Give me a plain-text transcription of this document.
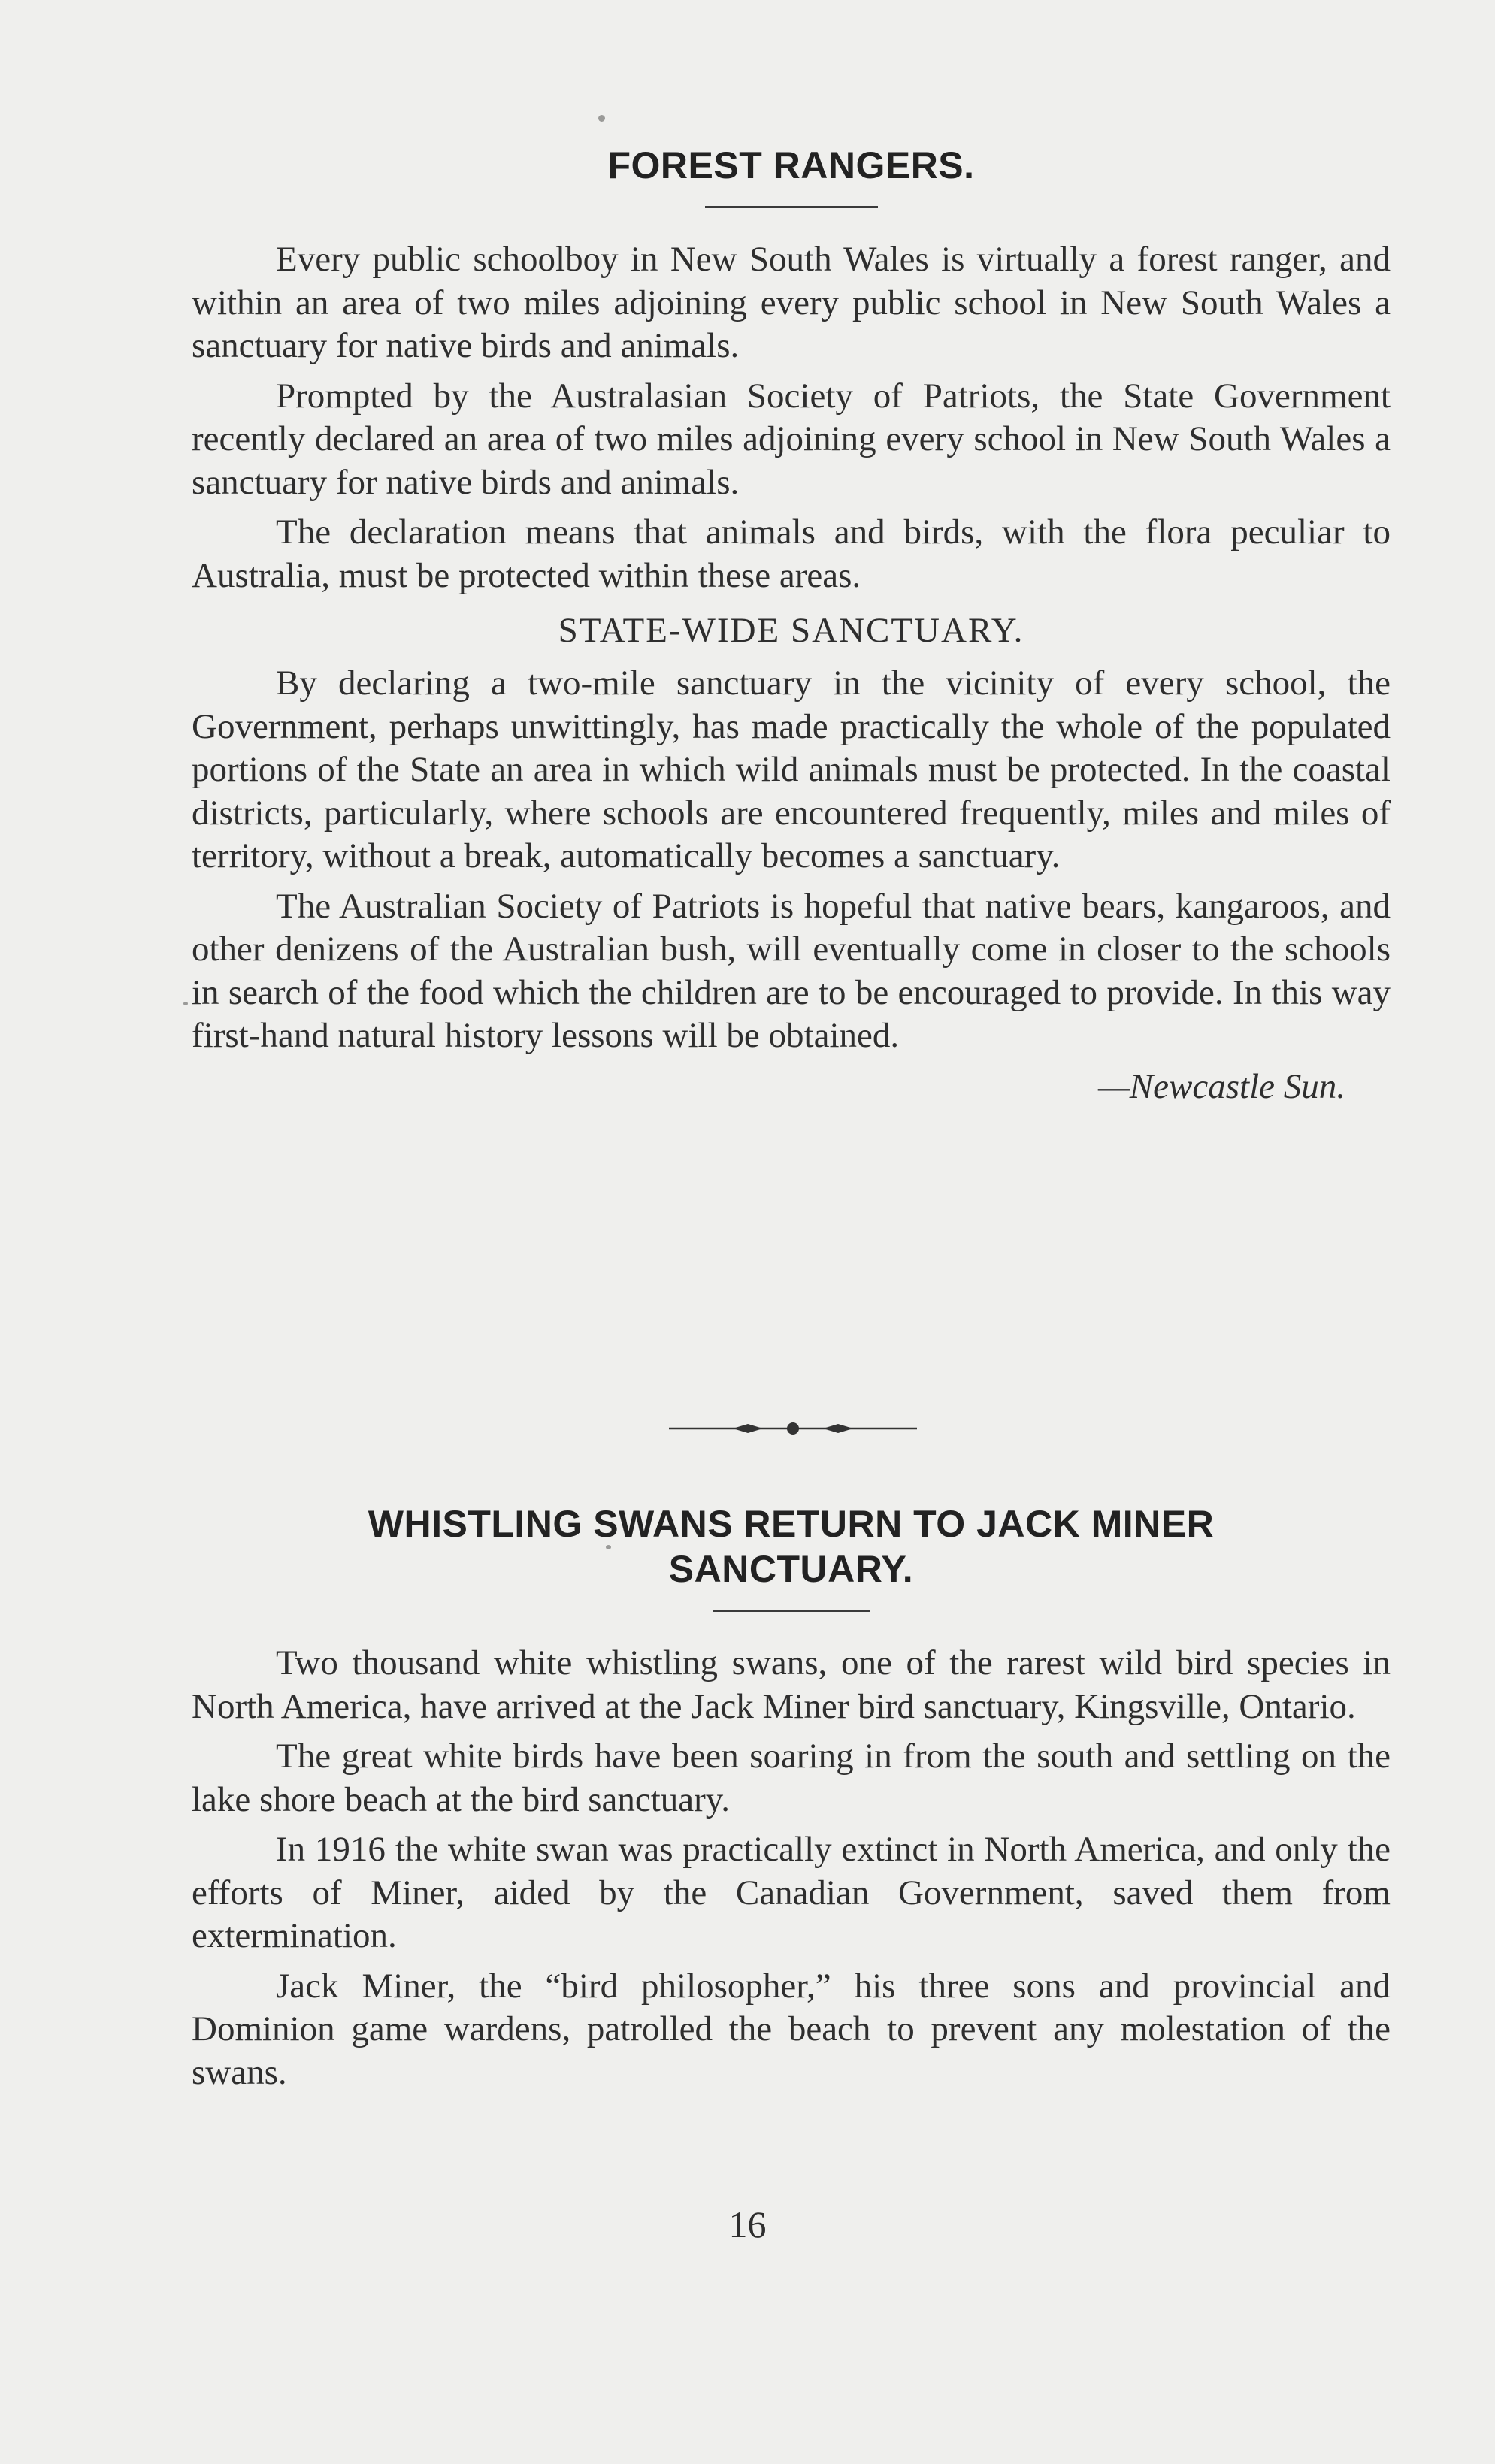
FOREST RANGERS.

Every public schoolboy in New South Wales is virtually a forest ranger, and within an area of two miles adjoining every public school in New South Wales a sanctuary for native birds and animals.

Prompted by the Australasian Society of Patriots, the State Government recently declared an area of two miles adjoining every school in New South Wales a sanctuary for native birds and animals.

The declaration means that animals and birds, with the flora peculiar to Australia, must be protected within these areas.

STATE-WIDE SANCTUARY.

By declaring a two-mile sanctuary in the vicinity of every school, the Government, perhaps unwittingly, has made practically the whole of the populated portions of the State an area in which wild animals must be protected. In the coastal districts, particularly, where schools are encountered frequently, miles and miles of territory, without a break, automatically becomes a sanctuary.

The Australian Society of Patriots is hopeful that native bears, kangaroos, and other denizens of the Australian bush, will eventually come in closer to the schools in search of the food which the children are to be encouraged to provide. In this way first-hand natural history lessons will be obtained.

—Newcastle Sun.

WHISTLING SWANS RETURN TO JACK MINER
SANCTUARY.

Two thousand white whistling swans, one of the rarest wild bird species in North America, have arrived at the Jack Miner bird sanctuary, Kingsville, Ontario.

The great white birds have been soaring in from the south and settling on the lake shore beach at the bird sanctuary.

In 1916 the white swan was practically extinct in North America, and only the efforts of Miner, aided by the Canadian Government, saved them from extermination.

Jack Miner, the “bird philosopher,” his three sons and provincial and Dominion game wardens, patrolled the beach to prevent any molestation of the swans.

16
